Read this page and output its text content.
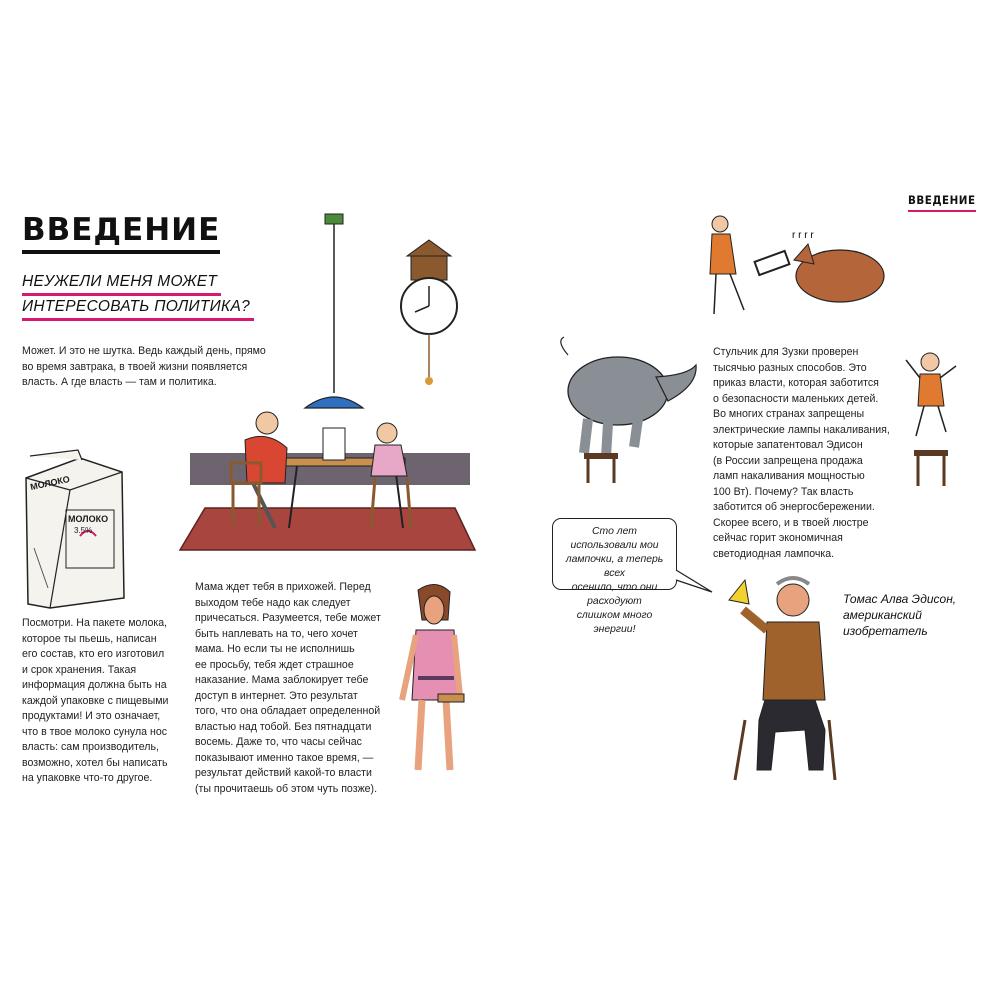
ВВЕДЕНИЕ
ВВЕДЕНИЕ
НЕУЖЕЛИ МЕНЯ МОЖЕТ
ИНТЕРЕСОВАТЬ ПОЛИТИКА?
Может. И это не шутка. Ведь каждый день, прямо
во время завтрака, в твоей жизни появляется
власть. А где власть — там и политика.
Посмотри. На пакете молока,
которое ты пьешь, написан
его состав, кто его изготовил
и срок хранения. Такая
информация должна быть на
каждой упаковке с пищевыми
продуктами! И это означает,
что в твое молоко сунула нос
власть: сам производитель,
возможно, хотел бы написать
на упаковке что-то другое.
Мама ждет тебя в прихожей. Перед
выходом тебе надо как следует
причесаться. Разумеется, тебе может
быть наплевать на то, чего хочет
мама. Но если ты не исполнишь
ее просьбу, тебя ждет страшное
наказание. Мама заблокирует тебе
доступ в интернет. Это результат
того, что она обладает определенной
властью над тобой. Без пятнадцати
восемь. Даже то, что часы сейчас
показывают именно такое время, —
результат действий какой-то власти
(ты прочитаешь об этом чуть позже).
Стульчик для Зузки проверен
тысячью разных способов. Это
приказ власти, которая заботится
о безопасности маленьких детей.
Во многих странах запрещены
электрические лампы накаливания,
которые запатентовал Эдисон
(в России запрещена продажа
ламп накаливания мощностью
100 Вт). Почему? Так власть
заботится об энергосбережении.
Скорее всего, и в твоей люстре
сейчас горит экономичная
светодиодная лампочка.
Сто лет использовали мои
лампочки, а теперь всех
осенило, что они расходуют
слишком много энергии!
Томас Алва Эдисон,
американский изобретатель
МОЛОКО
МОЛОКО
3.5%
r r r r
